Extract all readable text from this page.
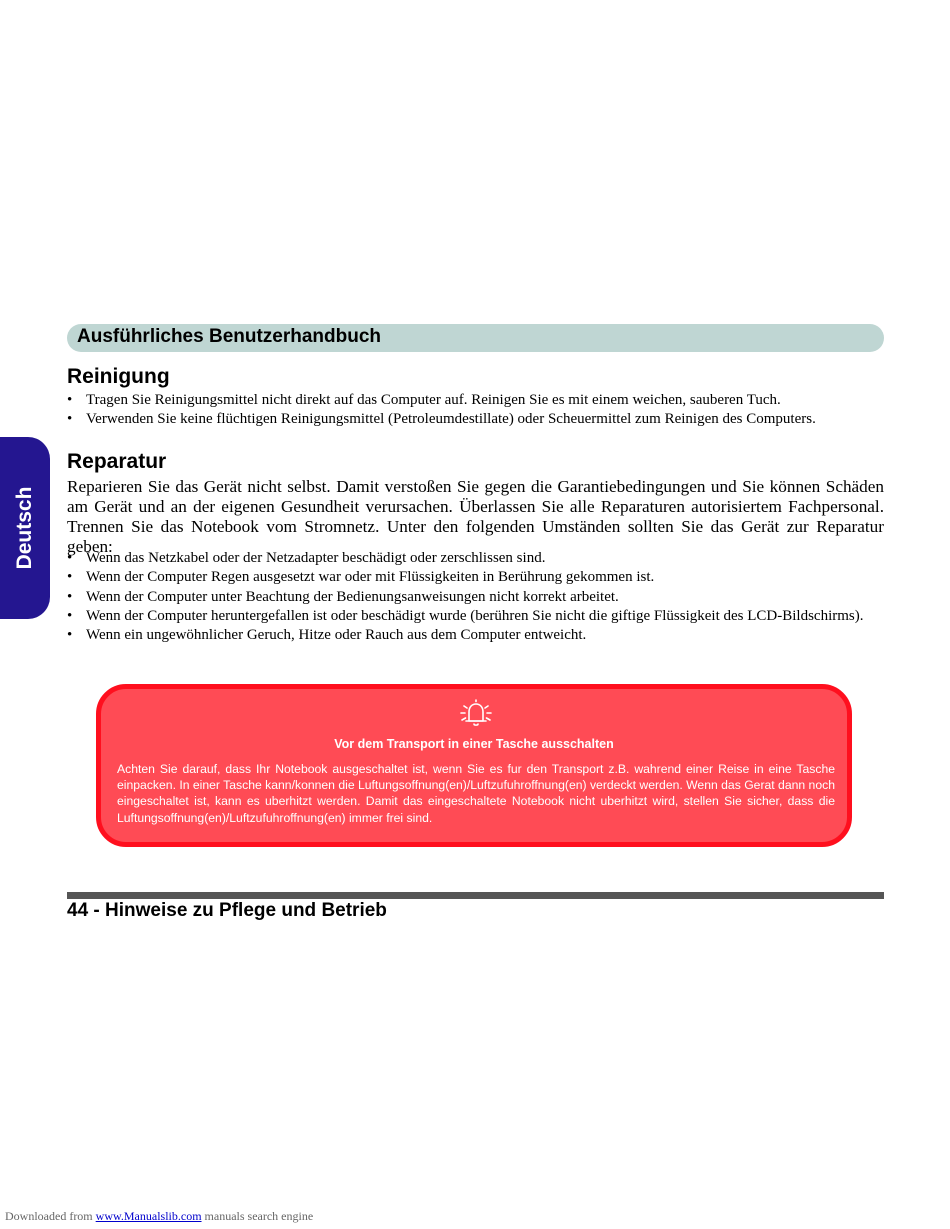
Ausführliches Benutzerhandbuch
Deutsch
Reinigung
• Tragen Sie Reinigungsmittel nicht direkt auf das Computer auf. Reinigen Sie es mit einem weichen, sauberen Tuch.
• Verwenden Sie keine flüchtigen Reinigungsmittel (Petroleumdestillate) oder Scheuermittel zum Reinigen des Computers.
Reparatur

Reparieren Sie das Gerät nicht selbst. Damit verstoßen Sie gegen die Garantiebedingungen und Sie können Schäden am Gerät und an der eigenen Gesundheit verursachen. Überlassen Sie alle Reparaturen autorisiertem Fachpersonal. Trennen Sie das Notebook vom Stromnetz. Unter den folgenden Umständen sollten Sie das Gerät zur Reparatur geben:

• Wenn das Netzkabel oder der Netzadapter beschädigt oder zerschlissen sind.
• Wenn der Computer Regen ausgesetzt war oder mit Flüssigkeiten in Berührung gekommen ist.
• Wenn der Computer unter Beachtung der Bedienungsanweisungen nicht korrekt arbeitet.
• Wenn der Computer heruntergefallen ist oder beschädigt wurde (berühren Sie nicht die giftige Flüssigkeit des LCD-Bildschirms).
• Wenn ein ungewöhnlicher Geruch, Hitze oder Rauch aus dem Computer entweicht.
Vor dem Transport in einer Tasche ausschalten

Achten Sie darauf, dass Ihr Notebook ausgeschaltet ist, wenn Sie es fur den Transport z.B. wahrend einer Reise in eine Tasche einpacken. In einer Tasche kann/konnen die Luftungsoffnung(en)/Luftzufuhroffnung(en) verdeckt werden. Wenn das Gerat dann noch eingeschaltet ist, kann es uberhitzt werden. Damit das eingeschaltete Notebook nicht uberhitzt wird, stellen Sie sicher, dass die Luftungsoffnung(en)/Luftzufuhroffnung(en) immer frei sind.

44 - Hinweise zu Pflege und Betrieb
Downloaded from www.Manualslib.com manuals search engine
